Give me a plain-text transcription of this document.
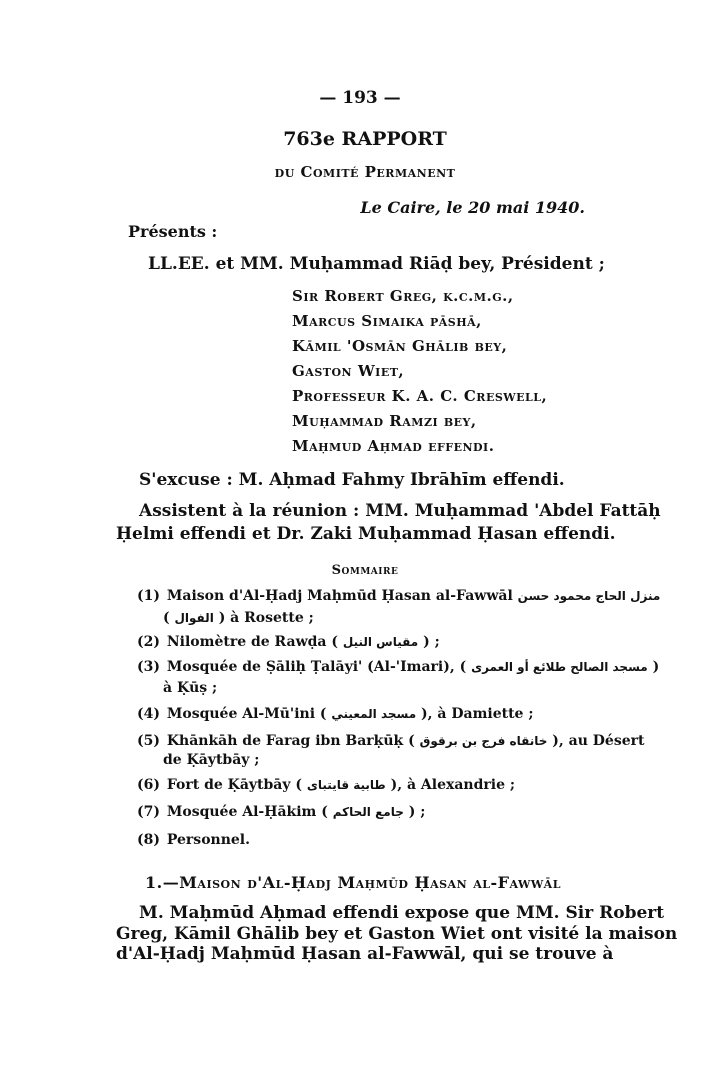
— 193 —
763e RAPPORT
du Comité Permanent
Le Caire, le 20 mai 1940.
Présents :
LL.EE. et MM. Muḥammad Riāḍ bey, Président ;
Sir Robert Greg, k.c.m.g.,
Marcus Simaika pāshā,
Kāmil 'Osmān Ghālib bey,
Gaston Wiet,
Professeur K. A. C. Creswell,
Muḥammad Ramzi bey,
Maḥmud Aḥmad effendi.
S'excuse : M. Aḥmad Fahmy Ibrāhīm effendi.
Assistent à la réunion : MM. Muḥammad 'Abdel Fattāḥ
Ḥelmi effendi et Dr. Zaki Muḥammad Ḥasan effendi.
Sommaire
(1) Maison d'Al-Ḥadj Maḥmūd Ḥasan al-Fawwāl منزل الحاج محمود حسن
( الفوال ) à Rosette ;
(2) Nilomètre de Rawḍa ( مقياس النيل ) ;
(3) Mosquée de Ṣāliḥ Ṭalāyi' (Al-'Imari), ( مسجد الصالح طلائع أو العمرى )
à Ḳūṣ ;
(4) Mosquée Al-Mū'ini ( مسجد المعيني ), à Damiette ;
(5) Khānkāh de Farag ibn Barḳūḳ ( خانقاه فرج بن برقوق ), au Désert
de Ḳāytbāy ;
(6) Fort de Ḳāytbāy ( طابية قايتباى ), à Alexandrie ;
(7) Mosquée Al-Ḥākim ( جامع الحاكم ) ;
(8) Personnel.
1.—Maison d'Al-Ḥadj Maḥmūd Ḥasan al-Fawwāl
M. Maḥmūd Aḥmad effendi expose que MM. Sir Robert
Greg, Kāmil Ghālib bey et Gaston Wiet ont visité la maison
d'Al-Ḥadj Maḥmūd Ḥasan al-Fawwāl, qui se trouve à
